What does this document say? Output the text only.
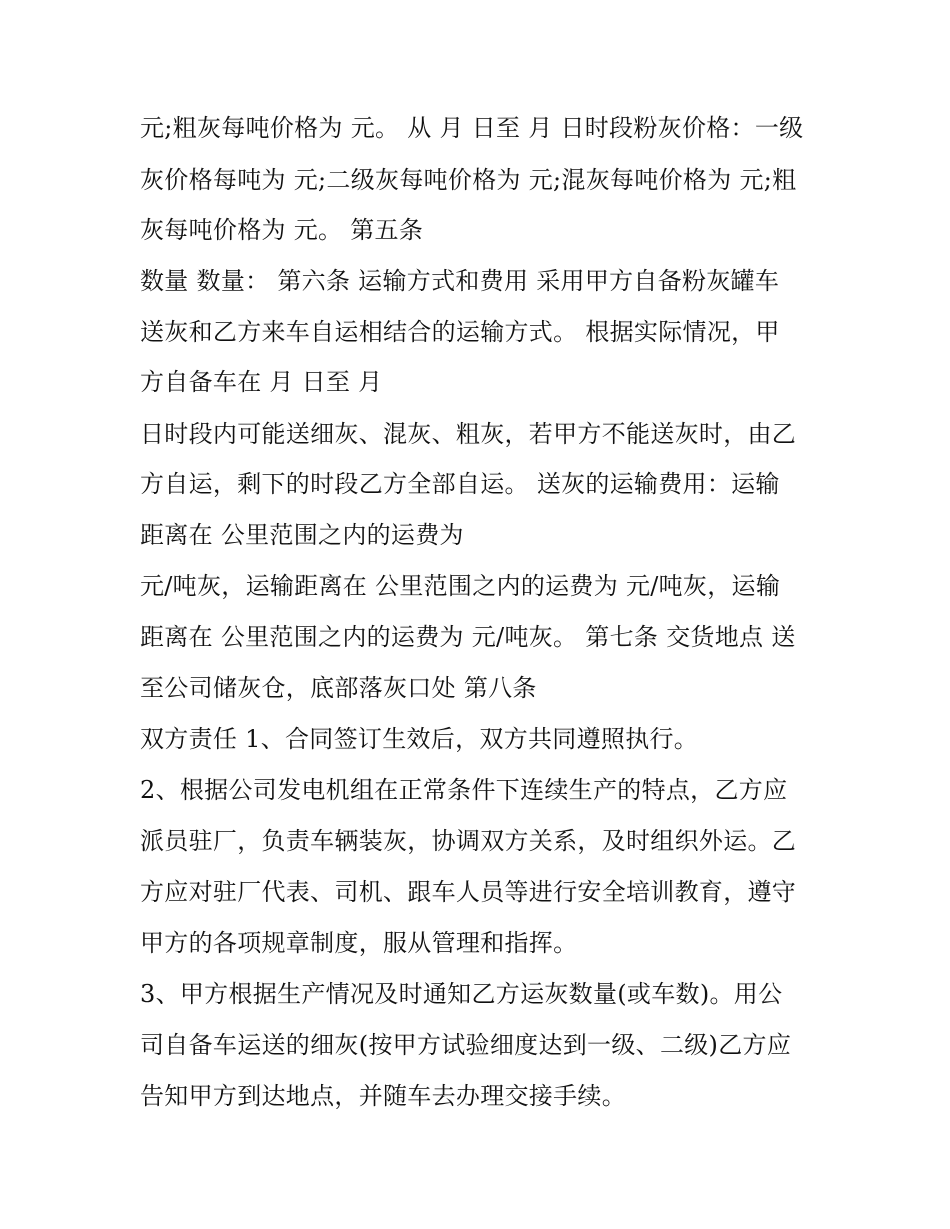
元;粗灰每吨价格为 元。 从 月 日至 月 日时段粉灰价格：一级
灰价格每吨为 元;二级灰每吨价格为 元;混灰每吨价格为 元;粗
灰每吨价格为 元。 第五条
数量 数量： 第六条 运输方式和费用 采用甲方自备粉灰罐车
送灰和乙方来车自运相结合的运输方式。 根据实际情况，甲
方自备车在 月 日至 月
日时段内可能送细灰、混灰、粗灰，若甲方不能送灰时，由乙
方自运，剩下的时段乙方全部自运。 送灰的运输费用：运输
距离在 公里范围之内的运费为
元/吨灰，运输距离在 公里范围之内的运费为 元/吨灰，运输
距离在 公里范围之内的运费为 元/吨灰。 第七条 交货地点 送
至公司储灰仓，底部落灰口处 第八条
双方责任 1、合同签订生效后，双方共同遵照执行。
2、根据公司发电机组在正常条件下连续生产的特点，乙方应
派员驻厂，负责车辆装灰，协调双方关系，及时组织外运。乙
方应对驻厂代表、司机、跟车人员等进行安全培训教育，遵守
甲方的各项规章制度，服从管理和指挥。
3、甲方根据生产情况及时通知乙方运灰数量(或车数)。用公
司自备车运送的细灰(按甲方试验细度达到一级、二级)乙方应
告知甲方到达地点，并随车去办理交接手续。
